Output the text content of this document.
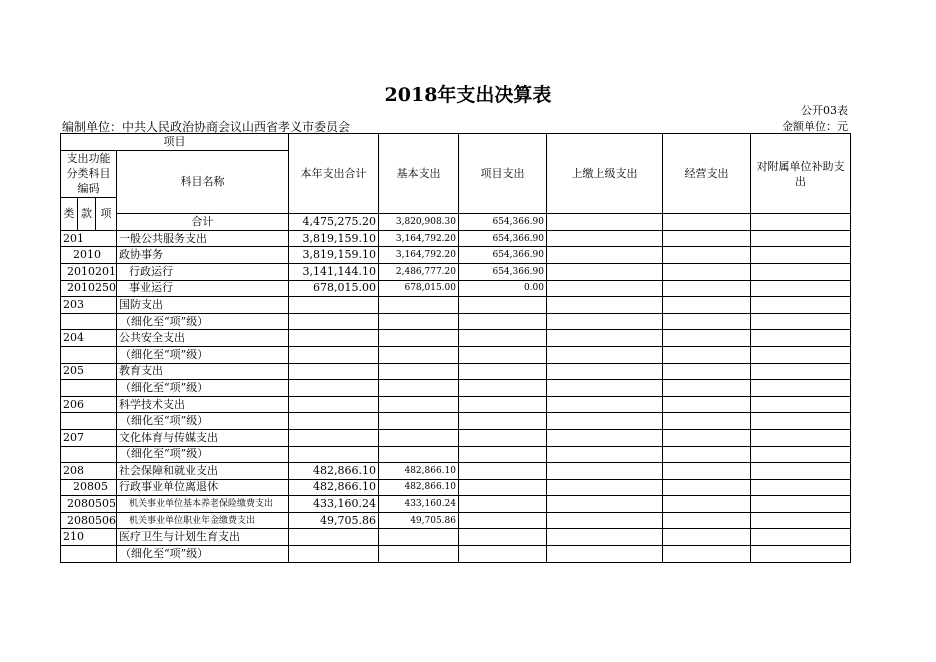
2018年支出决算表
公开03表
编制单位：中共人民政治协商会议山西省孝义市委员会	金额单位：元
项目				本年支出合计	基本支出	项目支出	上缴上级支出	经营支出	对附属单位补助支出	
支出功能分类科目编码			科目名称							
类	款	项							
			合计	4,475,275.20	3,820,908.30	654,366.90				
201			一般公共服务支出	3,819,159.10	3,164,792.20	654,366.90				
2010			政协事务	3,819,159.10	3,164,792.20	654,366.90				
2010201			行政运行	3,141,144.10	2,486,777.20	654,366.90				
2010250			事业运行	678,015.00	678,015.00	0.00				
203			国防支出							
			（细化至“项”级）							
204			公共安全支出							
			（细化至“项”级）							
205			教育支出							
			（细化至“项”级）							
206			科学技术支出							
			（细化至“项”级）							
207			文化体育与传媒支出							
			（细化至“项”级）							
208			社会保障和就业支出	482,866.10	482,866.10					
20805			行政事业单位离退休	482,866.10	482,866.10					
2080505			机关事业单位基本养老保险缴费支出	433,160.24	433,160.24					
2080506			机关事业单位职业年金缴费支出	49,705.86	49,705.86					
210			医疗卫生与计划生育支出							
			（细化至“项”级）							
